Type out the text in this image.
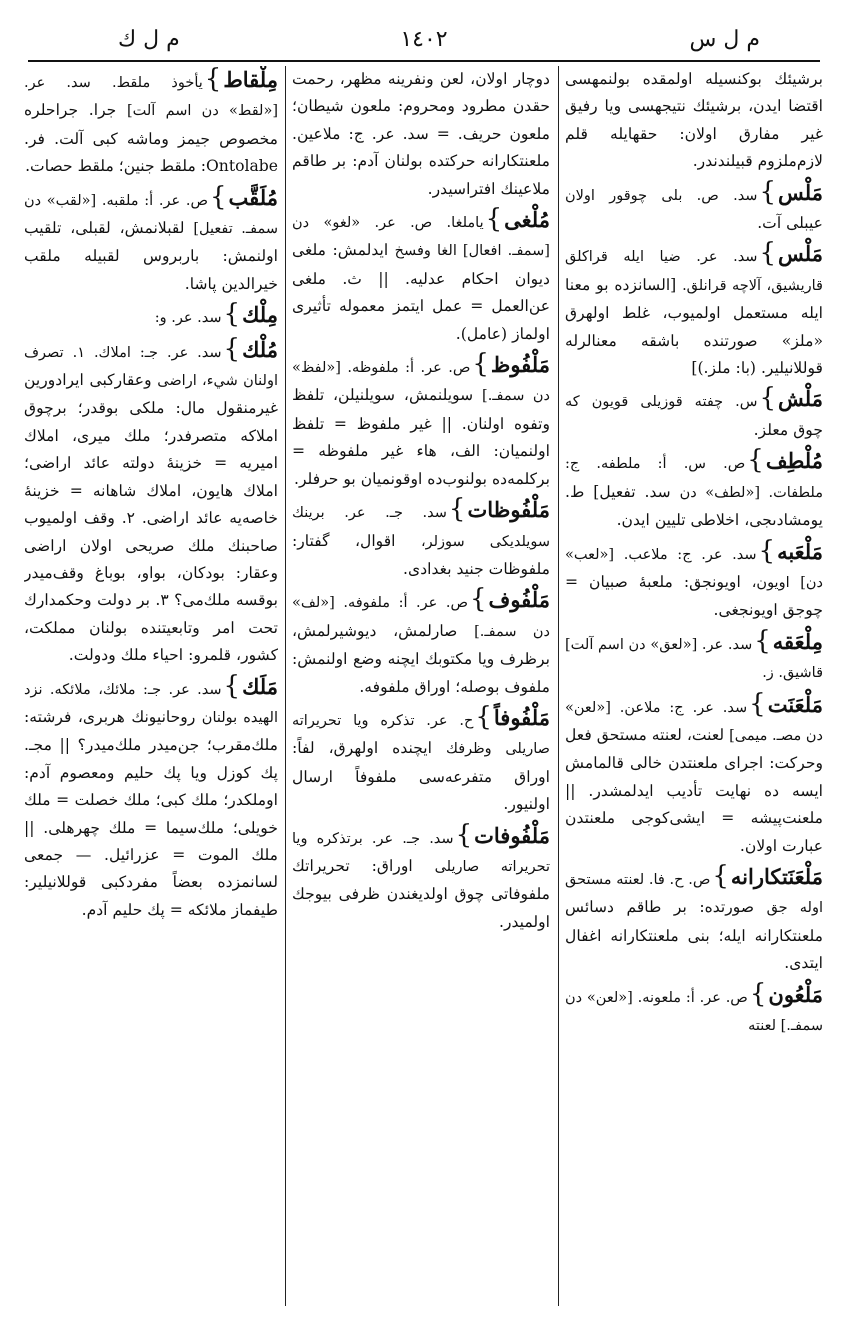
م ل س
١٤٠٢
م ل ك
برشيئك بوكنسيله اولمقده بولنمهسى اقتضا ايدن، برشيئك نتيجهسى ويا رفيق غير مفارق اولان: حقهايله قلم لازم‌ملزوم قبيلندندر.
مَلْس}سد. ص. بلى چوقور اولان عيبلى آت.
مَلْس}سد. عر. ضيا ايله قراكلق قاريشيق، آلاچه قرانلق. [السانزده بو معنا ايله مستعمل اولميوب، غلط اولهرق «ملز» صورتنده باشقه معنالرله قوللانيلير. (با: ملز.)]
مَلْش}س. چفته قوزيلى قويون كه چوق معلز.
مُلْطِف}ص. س. أ: ملطفه. ج: ملطفات. [«لطف» دن سد. تفعيل] ط. يومشادىجى، اخلاطى تليين ايدن.
مَلْعَبه}سد. عر. ج: ملاعب. [«لعب» دن] اويون، اويونجق: ملعبهٔ صبيان = چوجق اويونجغى.
مِلْعَقه}سد. عر. [«لعق» دن اسم آلت] قاشيق. ز.
مَلْعَنَت}سد. عر. ج: ملاعن. [«لعن» دن مصـ. ميمى] لعنت، لعنته مستحق فعل وحركت: اجراى ملعنتدن خالى قالمامش ايسه ده نهايت تأديب ايدلمشدر. || ملعنت‌پيشه = ايشى‌كوجى ملعنتدن عبارت اولان.
مَلْعَنَتكارانه}ص. ح. فا. لعنته مستحق اوله جق صورتده: بر طاقم دسائس ملعنتكارانه ايله؛ بنى ملعنتكارانه اغفال ايتدى.
مَلْعُون}ص. عر. أ: ملعونه. [«لعن» دن سمفـ.] لعنته
دوچار اولان، لعن ونفرينه مظهر، رحمت حقدن مطرود ومحروم: ملعون شيطان؛ ملعون حريف. = سد. عر. ج: ملاعين. ملعنتكارانه حركتده بولنان آدم: بر طاقم ملاعينك افتراسيدر.
مُلْغى}ياملغا. ص. عر. «لغو» دن [سمفـ. افعال] الغا وفسخ ايدلمش: ملغى ديوان احكام عدليه. || ث. ملغى عن‌العمل = عمل ايتمز معموله تأثيرى اولماز (عامل).
مَلْفُوظ}ص. عر. أ: ملفوظه. [«لفظ» دن سمفـ.] سويلنمش، سويلنيلن، تلفظ وتفوه اولنان. || غير ملفوظ = تلفظ اولنميان: الف، هاء غير ملفوظه = بركلمه‌ده بولنوب‌ده اوقونميان بو حرفلر.
مَلْفُوظات}سد. جـ. عر. برينك سويلديكى سوزلر، اقوال، گفتار: ملفوظات جنيد بغدادى.
مَلْفُوف}ص. عر. أ: ملفوفه. [«لف» دن سمفـ.] صارلمش، ديوشيرلمش، برظرف ويا مكتوبك ايچنه وضع اولنمش: ملفوف بوصله؛ اوراق ملفوفه.
مَلْفُوفاً}ح. عر. تذكره ويا تحريراته صاريلى وظرفك ايچنده اولهرق، لفاً: اوراق متفرعه‌سى ملفوفاً ارسال اولنيور.
مَلْفُوفات}سد. جـ. عر. برتذكره ويا تحريراته صاريلى اوراق: تحريراتك ملفوفاتى چوق اولديغندن ظرفى بيوجك اولميدر.
مِلْقاط}يأخوذ ملقط. سد. عر. [«لقط» دن اسم آلت] جرا. جراحلره مخصوص جيمز وماشه كبى آلت. فر. Ontolabe: ملقط جنين؛ ملقط حصات.
مُلَقَّب}ص. عر. أ: ملقبه. [«لقب» دن سمفـ. تفعيل] لقبلانمش، لقبلى، تلقيب اولنمش: باربروس لقبيله ملقب خيرالدين پاشا.
مِلْك}سد. عر. و:
مُلْك}سد. عر. جـ: املاك. ١. تصرف اولنان شيء، اراضى وعقاركبى ايرادورين غيرمنقول مال: ملكى بوقدر؛ برچوق املاكه متصرفدر؛ ملك ميرى، املاك اميريه = خزينهٔ دولته عائد اراضى؛ املاك هايون، املاك شاهانه = خزينهٔ خاصه‌يه عائد اراضى. ٢. وقف اولميوب صاحبنك ملك صريحى اولان اراضى وعقار: بودكان، بواو، بوباغ وقف‌ميدر بوقسه ملك‌مى؟ ٣. بر دولت وحكمدارك تحت امر وتابعيتنده بولنان مملكت، كشور، قلمرو: احياء ملك ودولت.
مَلَك}سد. عر. جـ: ملائك، ملائكه. نزد الهيده بولنان روحانيونك هربرى، فرشته: ملك‌مقرب؛ جن‌ميدر ملك‌ميدر؟ || مجـ. پك كوزل ويا پك حليم ومعصوم آدم: اوملكدر؛ ملك كبى؛ ملك خصلت = ملك خويلى؛ ملك‌سيما = ملك چهرهلى. || ملك الموت = عزرائيل. — جمعى لسانمزده بعضاً مفردكبى قوللانيلير: طيفماز ملائكه = پك حليم آدم.
